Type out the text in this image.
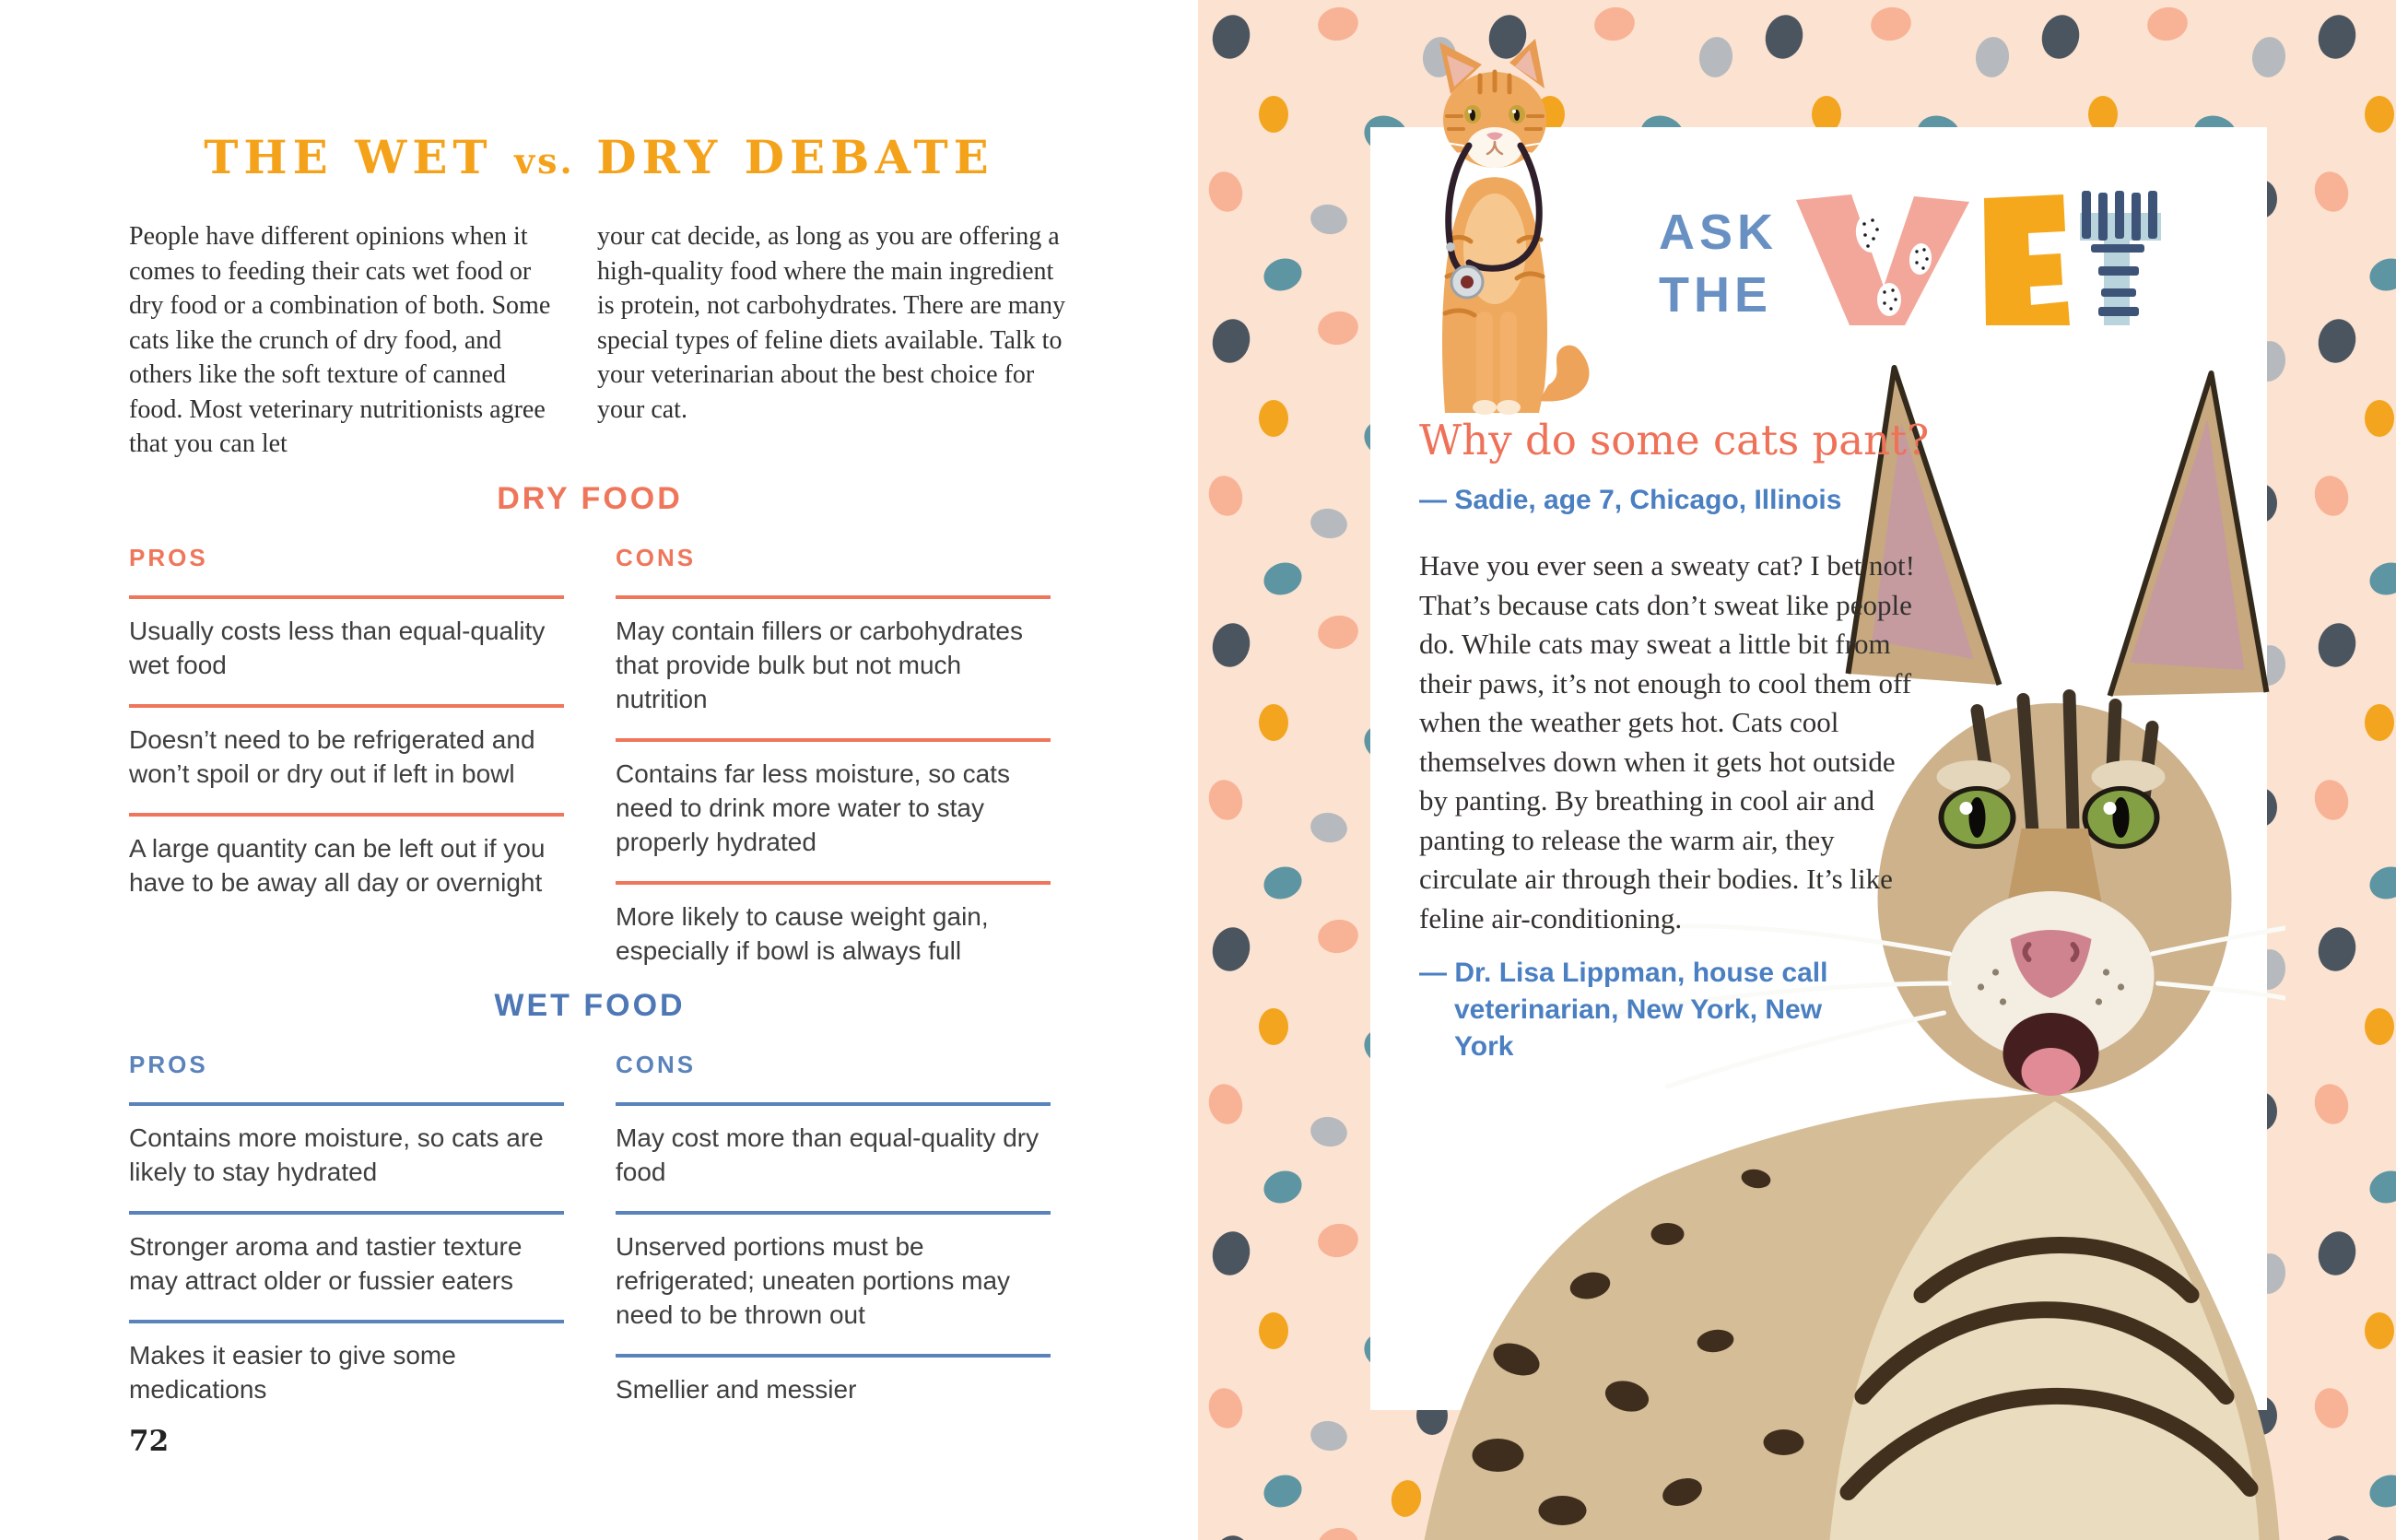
THE WET vs. DRY DEBATE

People have different opinions when it comes to feeding their cats wet food or dry food or a combination of both. Some cats like the crunch of dry food, and others like the soft texture of canned food. Most veterinary nutritionists agree that you can let

your cat decide, as long as you are offering a high-quality food where the main ingredient is protein, not carbohydrates. There are many special types of feline diets available. Talk to your veterinarian about the best choice for your cat.

DRY FOOD

PROS

Usually costs less than equal-quality wet food
Doesn’t need to be refrigerated and won’t spoil or dry out if left in bowl
A large quantity can be left out if you have to be away all day or overnight

CONS

May contain fillers or carbohydrates that provide bulk but not much nutrition
Contains far less moisture, so cats need to drink more water to stay properly hydrated
More likely to cause weight gain, especially if bowl is always full
WET FOOD

PROS

Contains more moisture, so cats are likely to stay hydrated
Stronger aroma and tastier texture may attract older or fussier eaters
Makes it easier to give some medications

CONS

May cost more than equal-quality dry food
Unserved portions must be refrigerated; uneaten portions may need to be thrown out
Smellier and messier

72

ASK
THE
Why do some cats pant?

— Sadie, age 7, Chicago, Illinois

Have you ever seen a sweaty cat? I bet not! That’s because cats don’t sweat like people do. While cats may sweat a little bit from their paws, it’s not enough to cool them off when the weather gets hot. Cats cool themselves down when it gets hot outside by panting. By breathing in cool air and panting to release the warm air, they circulate air through their bodies. It’s like feline air-conditioning.

— Dr. Lisa Lippman, house call veterinarian, New York, New York
